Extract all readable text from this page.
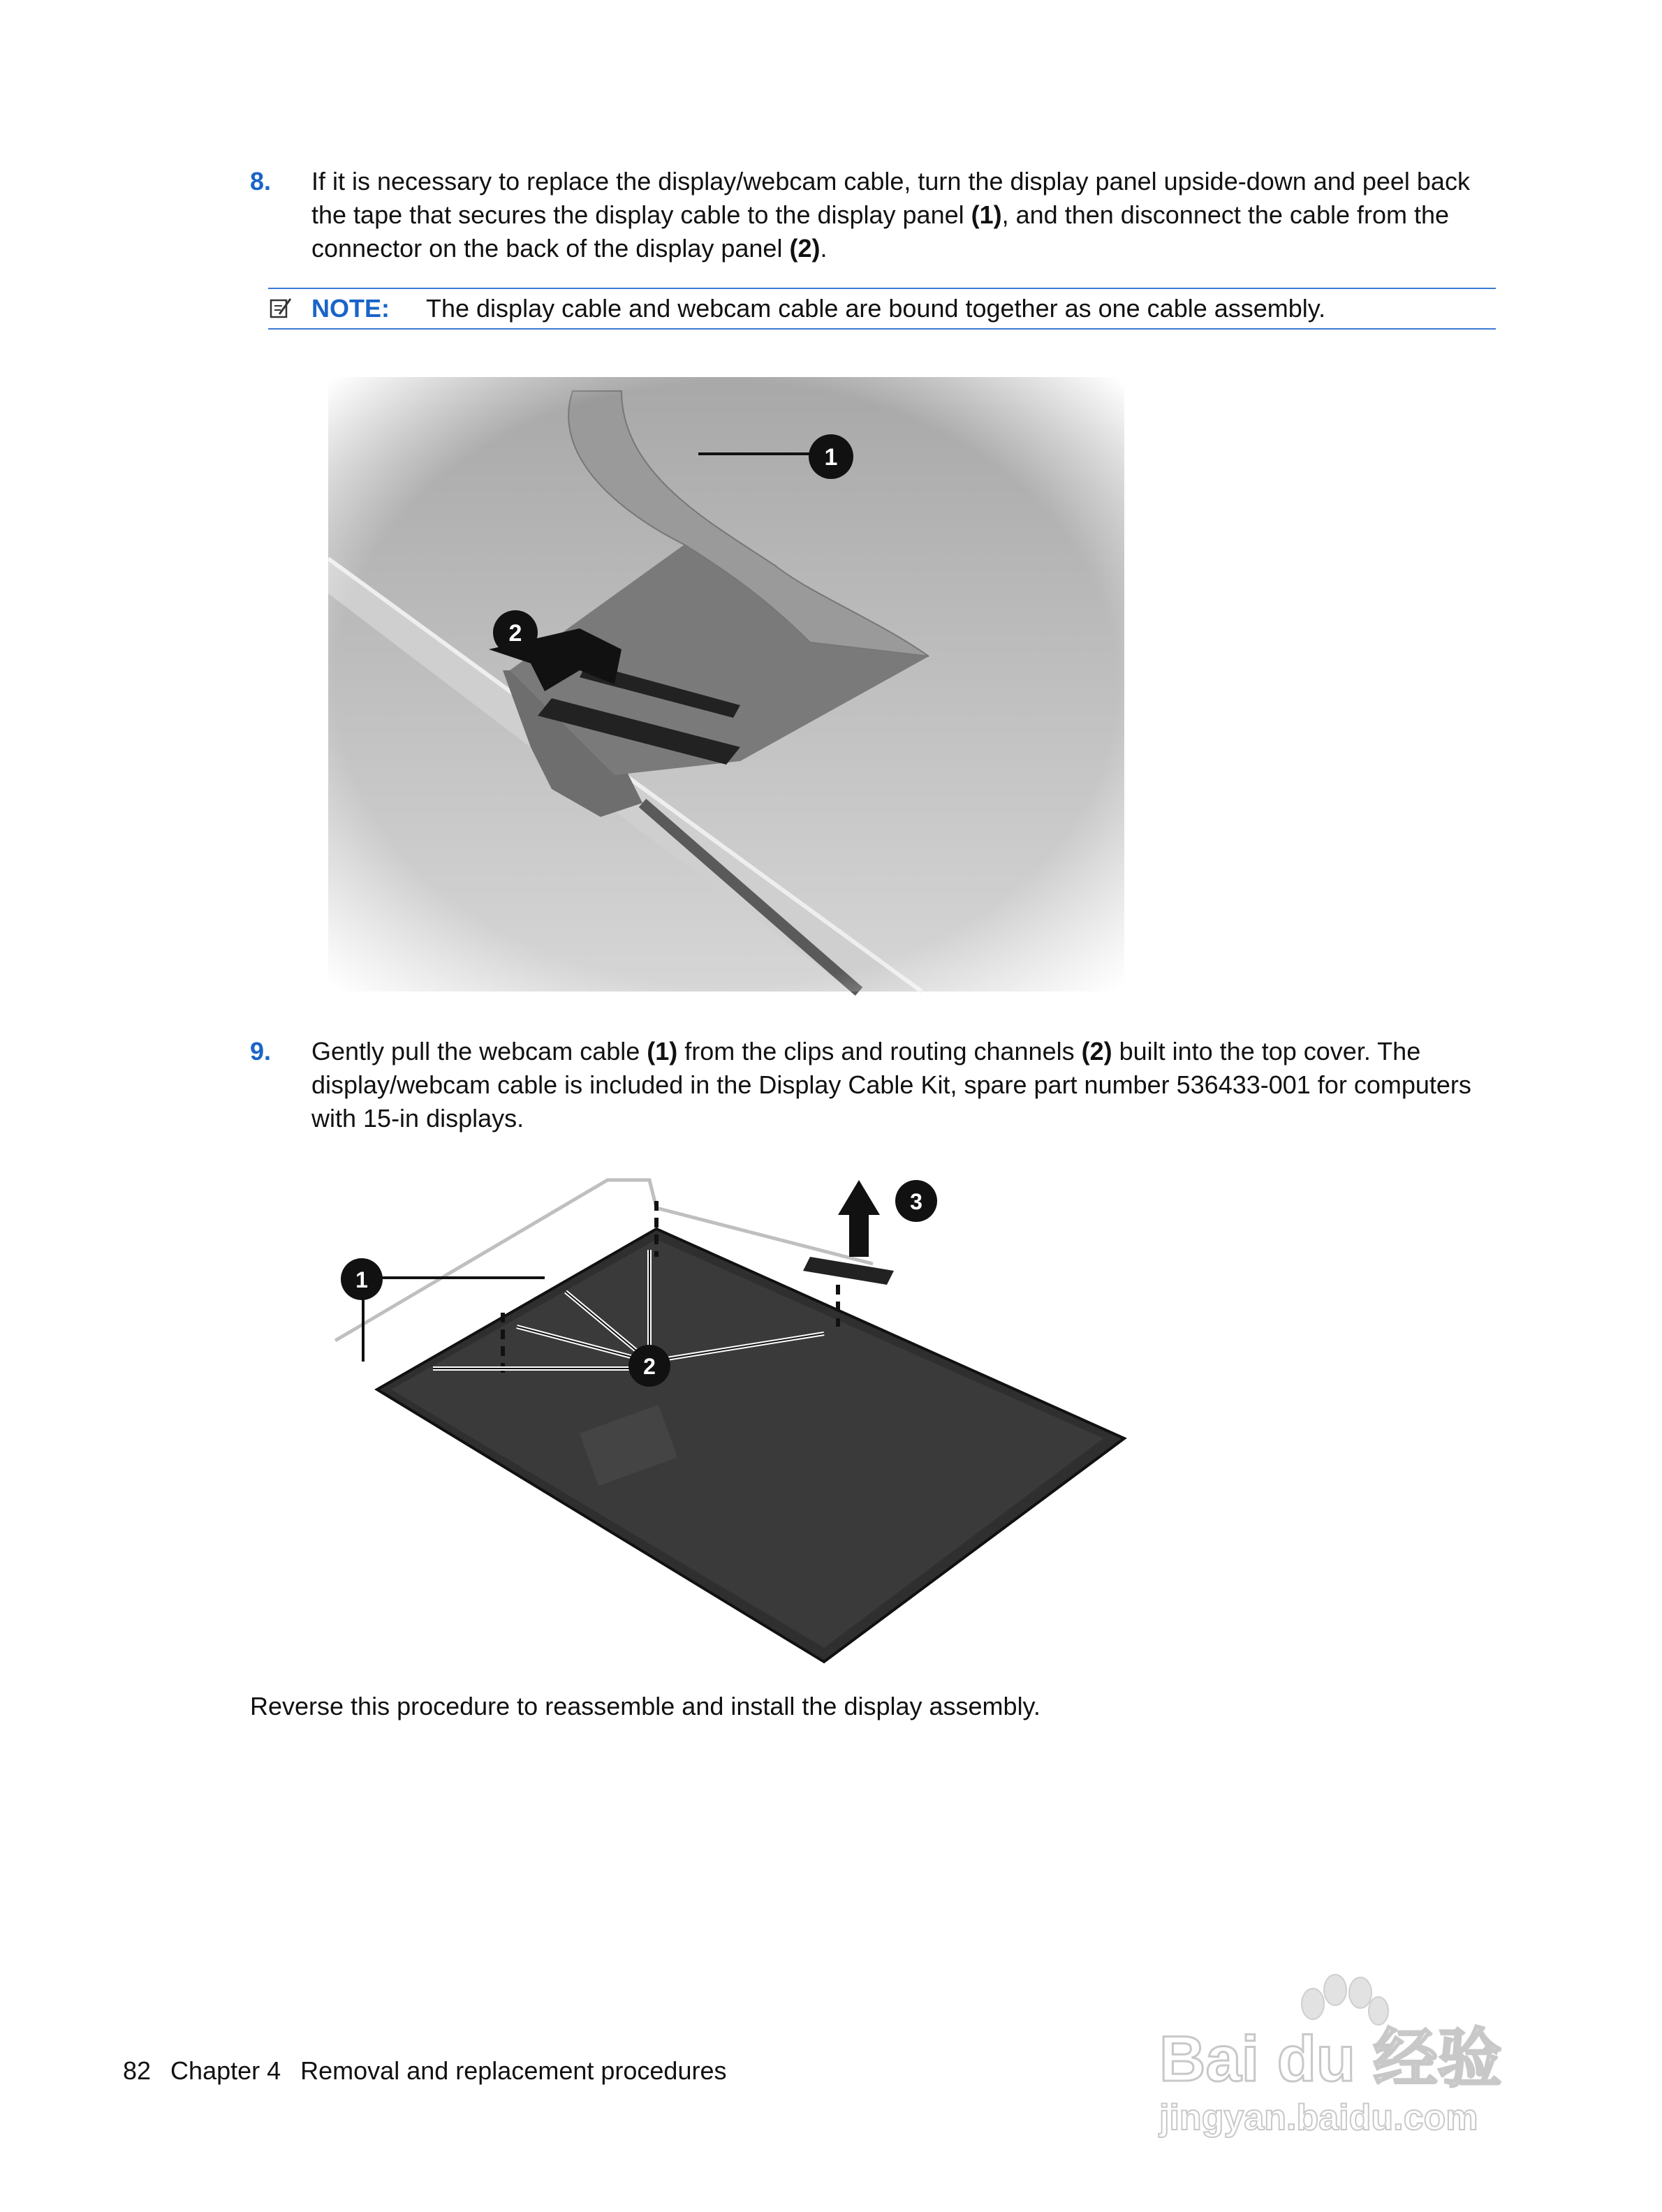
8. If it is necessary to replace the display/webcam cable, turn the display panel upside-down and peel back the tape that secures the display cable to the display panel (1), and then disconnect the cable from the connector on the back of the display panel (2).
NOTE: The display cable and webcam cable are bound together as one cable assembly.
1
2
9. Gently pull the webcam cable (1) from the clips and routing channels (2) built into the top cover. The display/webcam cable is included in the Display Cable Kit, spare part number 536433-001 for computers with 15-in displays.
1
2
3
Reverse this procedure to reassemble and install the display assembly.
82 Chapter 4 Removal and replacement procedures	Bai du 经验
jingyan.baidu.com
